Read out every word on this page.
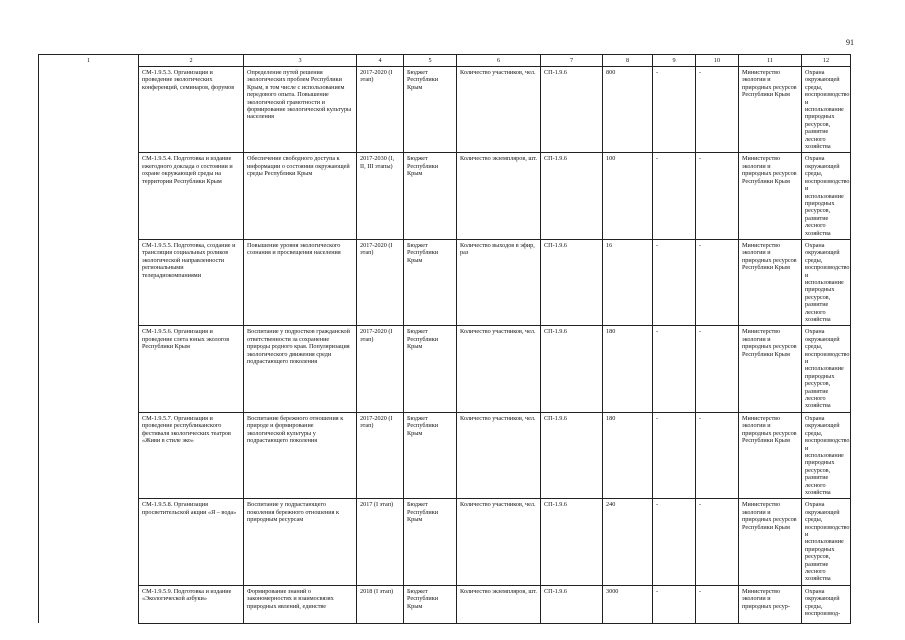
91
1	2	3	4	5	6	7	8	9	10	11	12
	СМ-1.9.5.3. Организация и проведение экологических конференций, семинаров, форумов	Определение путей решения экологических проблем Республики Крым, в том числе с использованием передового опыта. Повышение экологической грамотности и формирование экологической культуры населения	2017-2020 (I этап)	Бюджет Республики Крым	Количество участников, чел.	СП-1.9.6	800	-	-	Министерство экологии и природных ресурсов Республики Крым	Охрана окружающей среды, воспроизводство и использование природных ресурсов, развитие лесного хозяйства
	СМ-1.9.5.4. Подготовка и издание ежегодного доклада о состоянии и охране окружающей среды на территории Республики Крым	Обеспечение свободного доступа к информации о состоянии окружающей среды Республики Крым	2017-2030 (I, II, III этапы)	Бюджет Республики Крым	Количество экземпляров, шт.	СП-1.9.6	100	-	-	Министерство экологии и природных ресурсов Республики Крым	Охрана окружающей среды, воспроизводство и использование природных ресурсов, развитие лесного хозяйства
	СМ-1.9.5.5. Подготовка, создание и трансляция социальных роликов экологической направленности региональными телерадиокомпаниями	Повышение уровня экологического сознания и просвещения населения	2017-2020 (I этап)	Бюджет Республики Крым	Количество выходов в эфир, раз	СП-1.9.6	16	-	-	Министерство экологии и природных ресурсов Республики Крым	Охрана окружающей среды, воспроизводство и использование природных ресурсов, развитие лесного хозяйства
	СМ-1.9.5.6. Организация и проведение слета юных экологов Республики Крым	Воспитание у подростков гражданской ответственности за сохранение природы родного края. Популяризация экологического движения среди подрастающего поколения	2017-2020 (I этап)	Бюджет Республики Крым	Количество участников, чел.	СП-1.9.6	180	-	-	Министерство экологии и природных ресурсов Республики Крым	Охрана окружающей среды, воспроизводство и использование природных ресурсов, развитие лесного хозяйства
	СМ-1.9.5.7. Организация и проведение республиканского фестиваля экологических театров «Живи в стиле эко»	Воспитание бережного отношения к природе и формирование экологической культуры у подрастающего поколения	2017-2020 (I этап)	Бюджет Республики Крым	Количество участников, чел.	СП-1.9.6	180	-	-	Министерство экологии и природных ресурсов Республики Крым	Охрана окружающей среды, воспроизводство и использование природных ресурсов, развитие лесного хозяйства
	СМ-1.9.5.8. Организация просветительской акции «Я – вода»	Воспитание у подрастающего поколения бережного отношения к природным ресурсам	2017 (I этап)	Бюджет Республики Крым	Количество участников, чел.	СП-1.9.6	240	-	-	Министерство экологии и природных ресурсов Республики Крым	Охрана окружающей среды, воспроизводство и использование природных ресурсов, развитие лесного хозяйства
	СМ-1.9.5.9. Подготовка и издание «Экологической азбуки»	Формирование знаний о закономерностях и взаимосвязях природных явлений, единстве	2018 (I этап)	Бюджет Республики Крым	Количество экземпляров, шт.	СП-1.9.6	3000	-	-	Министерство экологии и природных ресур-	Охрана окружающей среды, воспроизвод-
